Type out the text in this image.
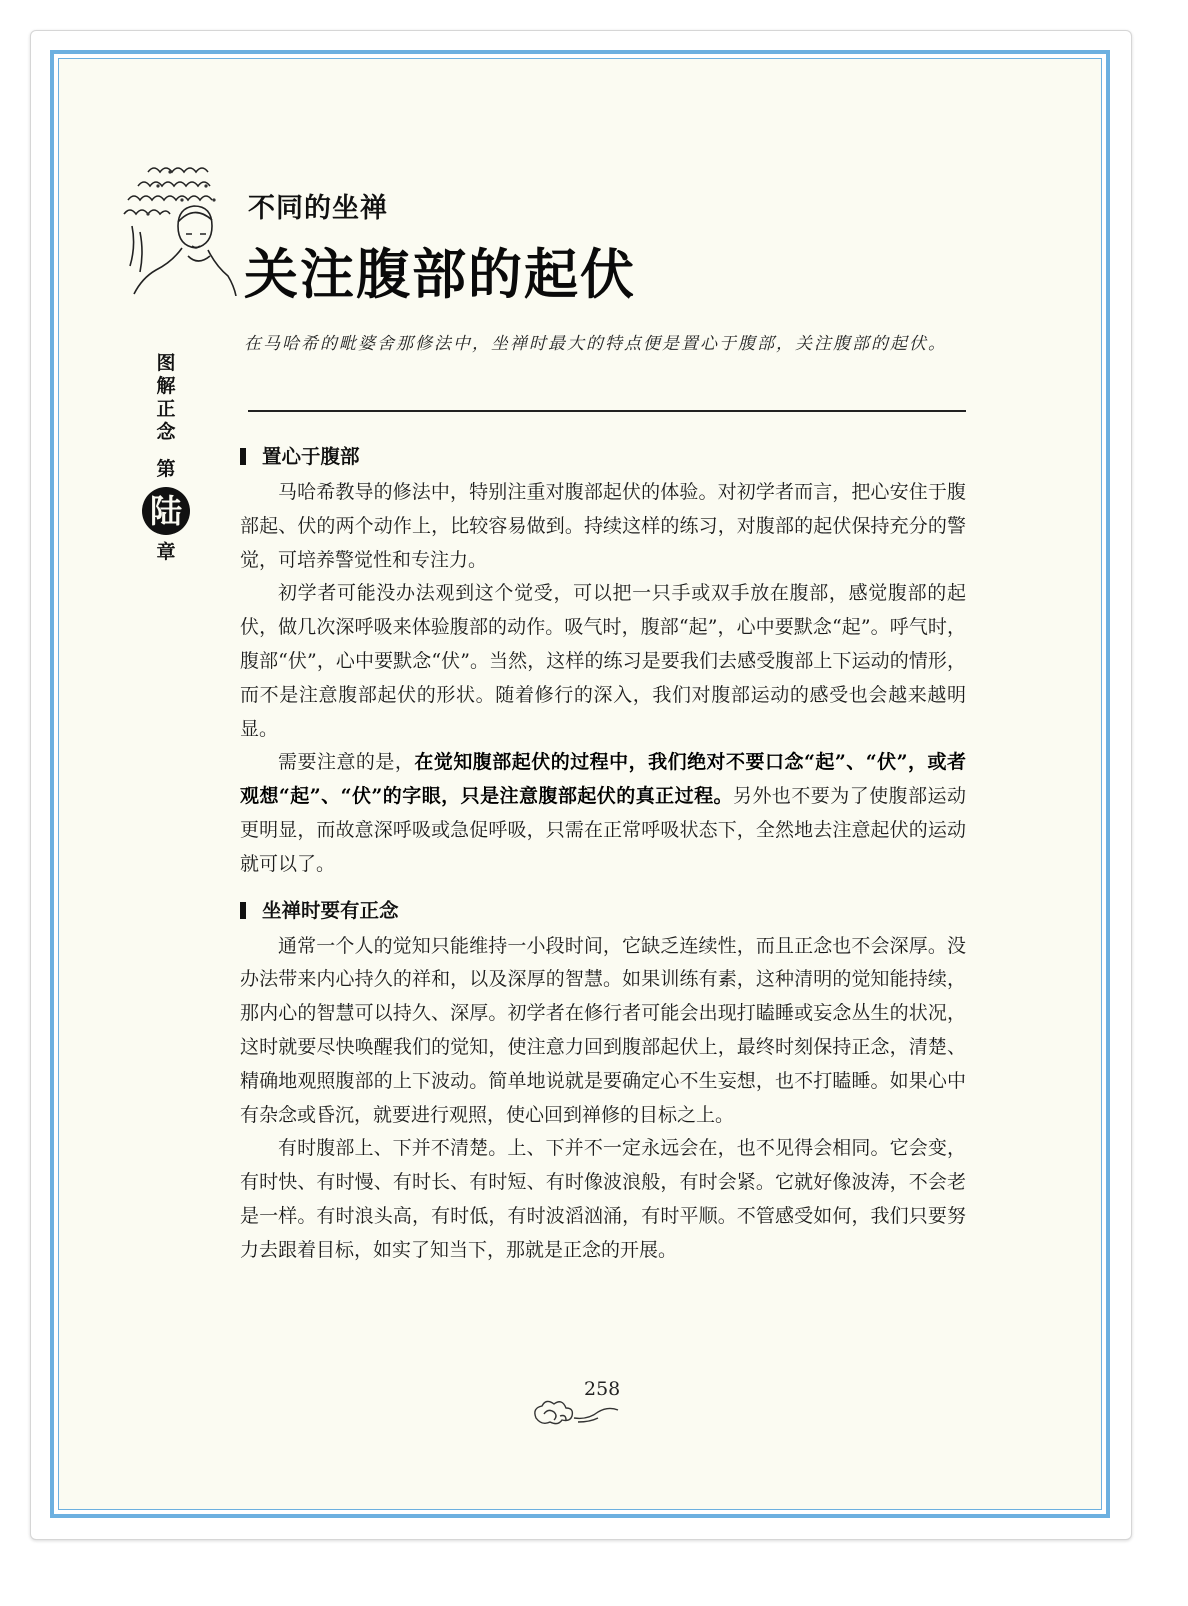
不同的坐禅
关注腹部的起伏
图
解
正
念
第
陆
章

在马哈希的毗婆舍那修法中，坐禅时最大的特点便是置心于腹部，关注腹部的起伏。

置心于腹部

马哈希教导的修法中，特别注重对腹部起伏的体验。对初学者而言，把心安住于腹部起、伏的两个动作上，比较容易做到。持续这样的练习，对腹部的起伏保持充分的警觉，可培养警觉性和专注力。

初学者可能没办法观到这个觉受，可以把一只手或双手放在腹部，感觉腹部的起伏，做几次深呼吸来体验腹部的动作。吸气时，腹部“起”，心中要默念“起”。呼气时，腹部“伏”，心中要默念“伏”。当然，这样的练习是要我们去感受腹部上下运动的情形，而不是注意腹部起伏的形状。随着修行的深入，我们对腹部运动的感受也会越来越明显。

需要注意的是，在觉知腹部起伏的过程中，我们绝对不要口念“起”、“伏”，或者观想“起”、“伏”的字眼，只是注意腹部起伏的真正过程。另外也不要为了使腹部运动更明显，而故意深呼吸或急促呼吸，只需在正常呼吸状态下，全然地去注意起伏的运动就可以了。

坐禅时要有正念

通常一个人的觉知只能维持一小段时间，它缺乏连续性，而且正念也不会深厚。没办法带来内心持久的祥和，以及深厚的智慧。如果训练有素，这种清明的觉知能持续，那内心的智慧可以持久、深厚。初学者在修行者可能会出现打瞌睡或妄念丛生的状况，这时就要尽快唤醒我们的觉知，使注意力回到腹部起伏上，最终时刻保持正念，清楚、精确地观照腹部的上下波动。简单地说就是要确定心不生妄想，也不打瞌睡。如果心中有杂念或昏沉，就要进行观照，使心回到禅修的目标之上。

有时腹部上、下并不清楚。上、下并不一定永远会在，也不见得会相同。它会变，有时快、有时慢、有时长、有时短、有时像波浪般，有时会紧。它就好像波涛，不会老是一样。有时浪头高，有时低，有时波滔汹涌，有时平顺。不管感受如何，我们只要努力去跟着目标，如实了知当下，那就是正念的开展。

258
